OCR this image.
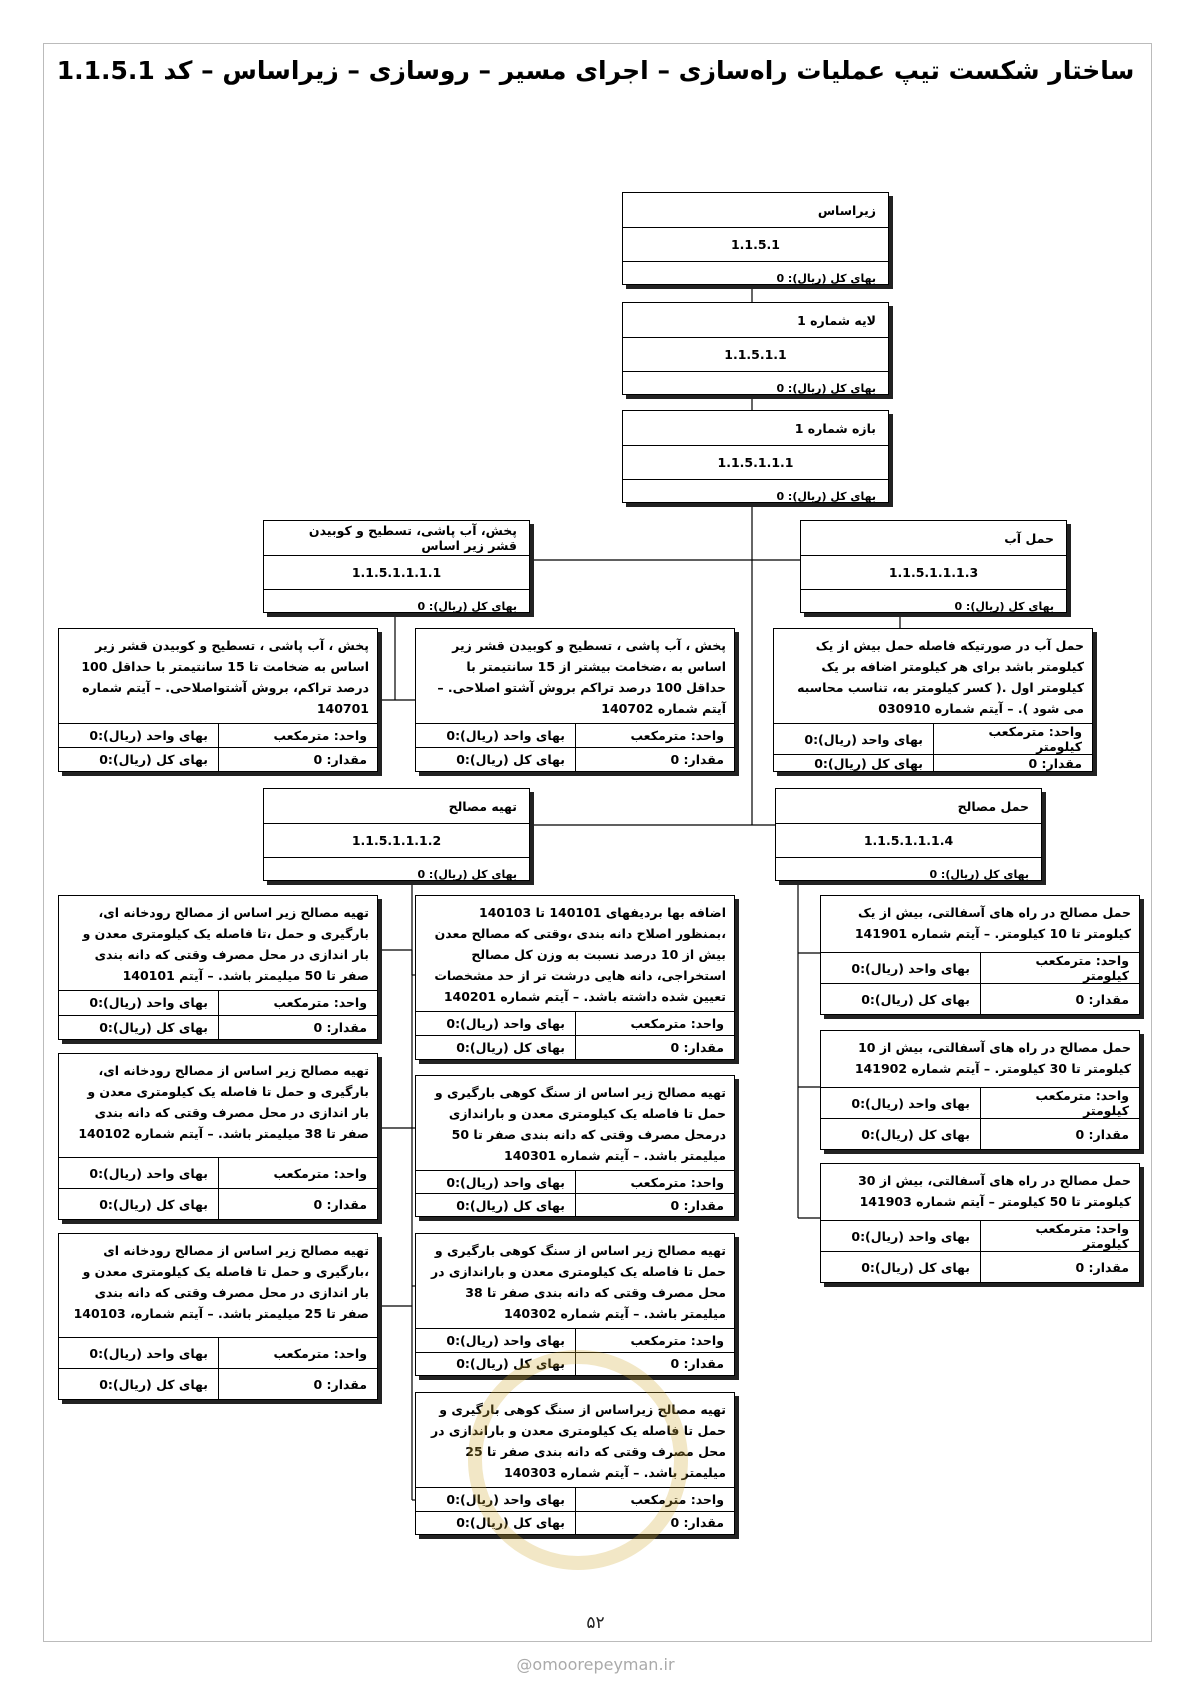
ساختار شکست تیپ عملیات راه‌سازی – اجرای مسیر – روسازی – زیراساس – کد 1.1.5.1
زیراساس
1.1.5.1
بهای کل (ریال): 0
لایه شماره 1
1.1.5.1.1
بهای کل (ریال): 0
بازه شماره 1
1.1.5.1.1.1
بهای کل (ریال): 0
پخش، آب پاشی، تسطیح و کوبیدن قشر زیر اساس
1.1.5.1.1.1.1
بهای کل (ریال): 0
حمل آب
1.1.5.1.1.1.3
بهای کل (ریال): 0
تهیه مصالح
1.1.5.1.1.1.2
بهای کل (ریال): 0
حمل مصالح
1.1.5.1.1.1.4
بهای کل (ریال): 0
پخش ، آب پاشی ، تسطیح و کوبیدن قشر زیر اساس به ضخامت تا 15 سانتیمتر با حداقل 100 درصد تراکم، بروش آشتواصلاحی. – آیتم شماره 140701
واحد: مترمکعب
بهای واحد (ریال):0
مقدار: 0
بهای کل (ریال):0
پخش ، آب پاشی ، تسطیح و کوبیدن قشر زیر اساس به ،ضخامت بیشتر از 15 سانتیمتر با حداقل 100 درصد تراکم بروش آشتو اصلاحی. – آیتم شماره 140702
واحد: مترمکعب
بهای واحد (ریال):0
مقدار: 0
بهای کل (ریال):0
حمل آب در صورتیکه فاصله حمل بیش از یک کیلومتر باشد برای هر کیلومتر اضافه بر یک کیلومتر اول .( کسر کیلومتر به، تناسب محاسبه می شود ). – آیتم شماره 030910
واحد: مترمکعب کیلومتر
بهای واحد (ریال):0
مقدار: 0
بهای کل (ریال):0
تهیه مصالح زیر اساس از مصالح رودخانه ای، بارگیری و حمل ،تا فاصله یک کیلومتری معدن و بار اندازی در محل مصرف وقتی که دانه بندی صفر تا 50 میلیمتر باشد. – آیتم 140101
واحد: مترمکعب
بهای واحد (ریال):0
مقدار: 0
بهای کل (ریال):0
تهیه مصالح زیر اساس از مصالح رودخانه ای، بارگیری و حمل تا فاصله یک کیلومتری معدن و بار اندازی در محل مصرف وقتی که دانه بندی صفر تا 38 میلیمتر باشد. – آیتم شماره 140102
واحد: مترمکعب
بهای واحد (ریال):0
مقدار: 0
بهای کل (ریال):0
تهیه مصالح زیر اساس از مصالح رودخانه ای ،بارگیری و حمل تا فاصله یک کیلومتری معدن و بار اندازی در محل مصرف وقتی که دانه بندی صفر تا 25 میلیمتر باشد. – آیتم شماره، 140103
واحد: مترمکعب
بهای واحد (ریال):0
مقدار: 0
بهای کل (ریال):0
اضافه بها بردیفهای 140101 تا 140103 ،بمنظور اصلاح دانه بندی ،وقتی که مصالح معدن بیش از 10 درصد نسبت به وزن کل مصالح استخراجی، دانه هایی درشت تر از حد مشخصات تعیین شده داشته باشد. – آیتم شماره 140201
واحد: مترمکعب
بهای واحد (ریال):0
مقدار: 0
بهای کل (ریال):0
تهیه مصالح زیر اساس از سنگ کوهی بارگیری و حمل تا فاصله یک کیلومتری معدن و باراندازی درمحل مصرف وقتی که دانه بندی صفر تا 50 میلیمتر باشد. – آیتم شماره 140301
واحد: مترمکعب
بهای واحد (ریال):0
مقدار: 0
بهای کل (ریال):0
تهیه مصالح زیر اساس از سنگ کوهی بارگیری و حمل تا فاصله یک کیلومتری معدن و باراندازی در محل مصرف وقتی که دانه بندی صفر تا 38 میلیمتر باشد. – آیتم شماره 140302
واحد: مترمکعب
بهای واحد (ریال):0
مقدار: 0
بهای کل (ریال):0
تهیه مصالح زیراساس از سنگ کوهی بارگیری و حمل تا فاصله یک کیلومتری معدن و باراندازی در محل مصرف وقتی که دانه بندی صفر تا 25 میلیمتر باشد. – آیتم شماره 140303
واحد: مترمکعب
بهای واحد (ریال):0
مقدار: 0
بهای کل (ریال):0
حمل مصالح در راه های آسفالتی، بیش از یک کیلومتر تا 10 کیلومتر. – آیتم شماره 141901
واحد: مترمکعب کیلومتر
بهای واحد (ریال):0
مقدار: 0
بهای کل (ریال):0
حمل مصالح در راه های آسفالتی، بیش از 10 کیلومتر تا 30 کیلومتر. – آیتم شماره 141902
واحد: مترمکعب کیلومتر
بهای واحد (ریال):0
مقدار: 0
بهای کل (ریال):0
حمل مصالح در راه های آسفالتی، بیش از 30 کیلومتر تا 50 کیلومتر – آیتم شماره 141903
واحد: مترمکعب کیلومتر
بهای واحد (ریال):0
مقدار: 0
بهای کل (ریال):0
۵۲
@omoorepeyman.ir
